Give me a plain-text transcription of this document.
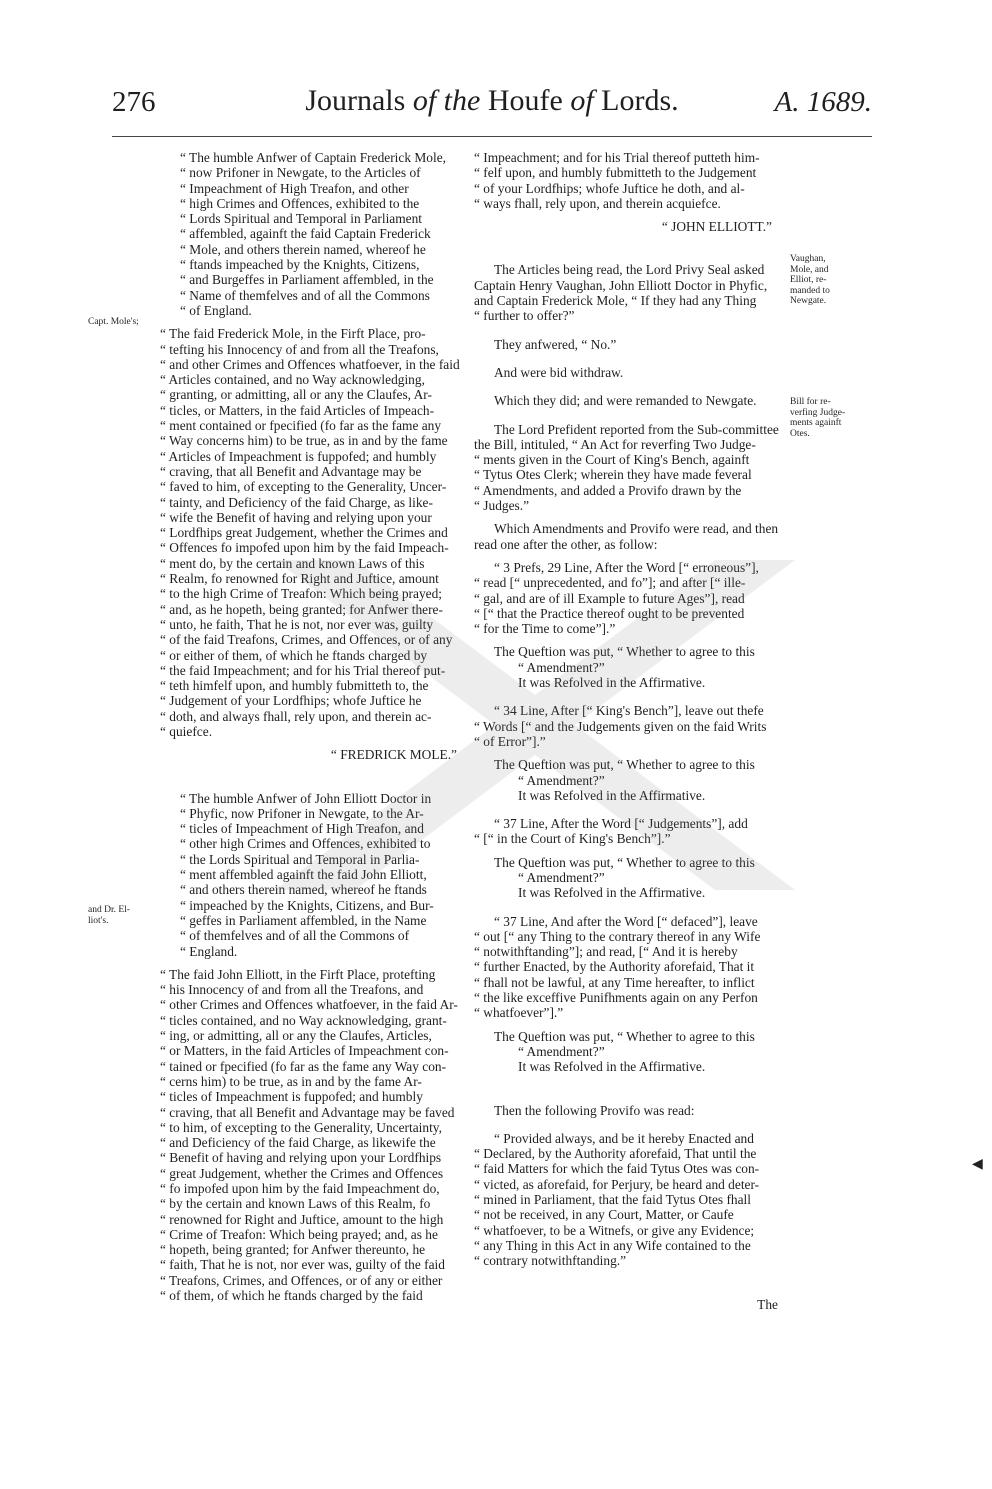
276	Journals of the Houfe of Lords.	A. 1689.

Capt. Mole's;

and Dr. El-

liot's.

Vaughan,

Mole, and

Elliot, re-

manded to

Newgate.

Bill for re-

verfing Judge-

ments againft

Otes.

“ The humble Anfwer of Captain Frederick Mole,

“ now Prifoner in Newgate, to the Articles of

“ Impeachment of High Treafon, and other

“ high Crimes and Offences, exhibited to the

“ Lords Spiritual and Temporal in Parliament

“ affembled, againft the faid Captain Frederick

“ Mole, and others therein named, whereof he

“ ftands impeached by the Knights, Citizens,

“ and Burgeffes in Parliament affembled, in the

“ Name of themfelves and of all the Commons

“ of England.

“ The faid Frederick Mole, in the Firft Place, pro-

“ tefting his Innocency of and from all the Treafons,

“ and other Crimes and Offences whatfoever, in the faid

“ Articles contained, and no Way acknowledging,

“ granting, or admitting, all or any the Claufes, Ar-

“ ticles, or Matters, in the faid Articles of Impeach-

“ ment contained or fpecified (fo far as the fame any

“ Way concerns him) to be true, as in and by the fame

“ Articles of Impeachment is fuppofed; and humbly

“ craving, that all Benefit and Advantage may be

“ faved to him, of excepting to the Generality, Uncer-

“ tainty, and Deficiency of the faid Charge, as like-

“ wife the Benefit of having and relying upon your

“ Lordfhips great Judgement, whether the Crimes and

“ Offences fo impofed upon him by the faid Impeach-

“ ment do, by the certain and known Laws of this

“ Realm, fo renowned for Right and Juftice, amount

“ to the high Crime of Treafon: Which being prayed;

“ and, as he hopeth, being granted; for Anfwer there-

“ unto, he faith, That he is not, nor ever was, guilty

“ of the faid Treafons, Crimes, and Offences, or of any

“ or either of them, of which he ftands charged by

“ the faid Impeachment; and for his Trial thereof put-

“ teth himfelf upon, and humbly fubmitteth to, the

“ Judgement of your Lordfhips; whofe Juftice he

“ doth, and always fhall, rely upon, and therein ac-

“ quiefce.

“ FREDRICK MOLE.”

“ The humble Anfwer of John Elliott Doctor in

“ Phyfic, now Prifoner in Newgate, to the Ar-

“ ticles of Impeachment of High Treafon, and

“ other high Crimes and Offences, exhibited to

“ the Lords Spiritual and Temporal in Parlia-

“ ment affembled againft the faid John Elliott,

“ and others therein named, whereof he ftands

“ impeached by the Knights, Citizens, and Bur-

“ geffes in Parliament affembled, in the Name

“ of themfelves and of all the Commons of

“ England.

“ The faid John Elliott, in the Firft Place, protefting

“ his Innocency of and from all the Treafons, and

“ other Crimes and Offences whatfoever, in the faid Ar-

“ ticles contained, and no Way acknowledging, grant-

“ ing, or admitting, all or any the Claufes, Articles,

“ or Matters, in the faid Articles of Impeachment con-

“ tained or fpecified (fo far as the fame any Way con-

“ cerns him) to be true, as in and by the fame Ar-

“ ticles of Impeachment is fuppofed; and humbly

“ craving, that all Benefit and Advantage may be faved

“ to him, of excepting to the Generality, Uncertainty,

“ and Deficiency of the faid Charge, as likewife the

“ Benefit of having and relying upon your Lordfhips

“ great Judgement, whether the Crimes and Offences

“ fo impofed upon him by the faid Impeachment do,

“ by the certain and known Laws of this Realm, fo

“ renowned for Right and Juftice, amount to the high

“ Crime of Treafon: Which being prayed; and, as he

“ hopeth, being granted; for Anfwer thereunto, he

“ faith, That he is not, nor ever was, guilty of the faid

“ Treafons, Crimes, and Offences, or of any or either

“ of them, of which he ftands charged by the faid

“ Impeachment; and for his Trial thereof putteth him-

“ felf upon, and humbly fubmitteth to the Judgement

“ of your Lordfhips; whofe Juftice he doth, and al-

“ ways fhall, rely upon, and therein acquiefce.

“ JOHN ELLIOTT.”

The Articles being read, the Lord Privy Seal asked

Captain Henry Vaughan, John Elliott Doctor in Phyfic,

and Captain Frederick Mole, “ If they had any Thing

“ further to offer?”

They anfwered, “ No.”

And were bid withdraw.

Which they did; and were remanded to Newgate.

The Lord Prefident reported from the Sub-committee

the Bill, intituled, “ An Act for reverfing Two Judge-

“ ments given in the Court of King's Bench, againft

“ Tytus Otes Clerk; wherein they have made feveral

“ Amendments, and added a Provifo drawn by the

“ Judges.”

Which Amendments and Provifo were read, and then

read one after the other, as follow:

“ 3 Prefs, 29 Line, After the Word [“ erroneous”],

“ read [“ unprecedented, and fo”]; and after [“ ille-

“ gal, and are of ill Example to future Ages”], read

“ [“ that the Practice thereof ought to be prevented

“ for the Time to come”].”

The Queftion was put, “ Whether to agree to this

“ Amendment?”

It was Refolved in the Affirmative.

“ 34 Line, After [“ King's Bench”], leave out thefe

“ Words [“ and the Judgements given on the faid Writs

“ of Error”].”

The Queftion was put, “ Whether to agree to this

“ Amendment?”

It was Refolved in the Affirmative.

“ 37 Line, After the Word [“ Judgements”], add

“ [“ in the Court of King's Bench”].”

The Queftion was put, “ Whether to agree to this

“ Amendment?”

It was Refolved in the Affirmative.

“ 37 Line, And after the Word [“ defaced”], leave

“ out [“ any Thing to the contrary thereof in any Wife

“ notwithftanding”]; and read, [“ And it is hereby

“ further Enacted, by the Authority aforefaid, That it

“ fhall not be lawful, at any Time hereafter, to inflict

“ the like exceffive Punifhments again on any Perfon

“ whatfoever”].”

The Queftion was put, “ Whether to agree to this

“ Amendment?”

It was Refolved in the Affirmative.

Then the following Provifo was read:

“ Provided always, and be it hereby Enacted and

“ Declared, by the Authority aforefaid, That until the

“ faid Matters for which the faid Tytus Otes was con-

“ victed, as aforefaid, for Perjury, be heard and deter-

“ mined in Parliament, that the faid Tytus Otes fhall

“ not be received, in any Court, Matter, or Caufe

“ whatfoever, to be a Witnefs, or give any Evidence;

“ any Thing in this Act in any Wife contained to the

“ contrary notwithftanding.”

The

◀
